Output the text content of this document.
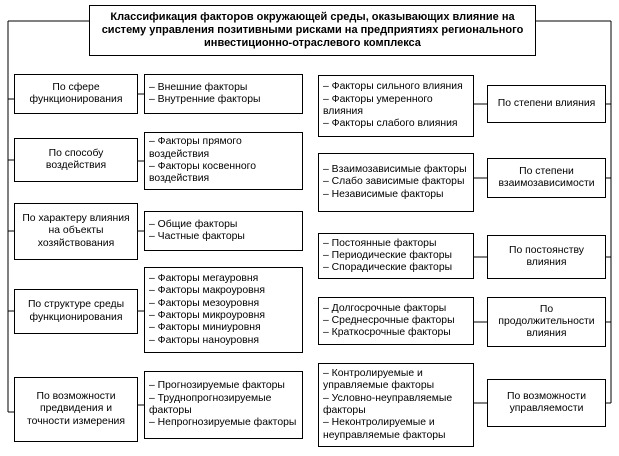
Классификация факторов окружающей среды, оказывающих влияние на систему управления позитивными рисками на предприятиях регионального инвестиционно-отраслевого комплекса
По сфере функционирования
По способу воздействия
По характеру влияния на объекты хозяйствования
По структуре среды функционирования
По возможности предвидения и точности измерения
– Внешние факторы
– Внутренние факторы
– Факторы прямого воздействия
– Факторы косвенного воздействия
– Общие факторы
– Частные факторы
– Факторы мегауровня
– Факторы макроуровня
– Факторы мезоуровня
– Факторы микроуровня
– Факторы миниуровня
– Факторы наноуровня
– Прогнозируемые факторы
– Труднопрогнозируемые факторы
– Непрогнозируемые факторы
– Факторы сильного влияния
– Факторы умеренного влияния
– Факторы слабого влияния
– Взаимозависимые факторы
– Слабо зависимые факторы
– Независимые факторы
– Постоянные факторы
– Периодические факторы
– Спорадические факторы
– Долгосрочные факторы
– Среднесрочные факторы
– Краткосрочные факторы
– Контролируемые и управляемые факторы
– Условно-неуправляемые факторы
– Неконтролируемые и неуправляемые факторы
По степени влияния
По степени взаимозависимости
По постоянству влияния
По продолжительности влияния
По возможности управляемости
